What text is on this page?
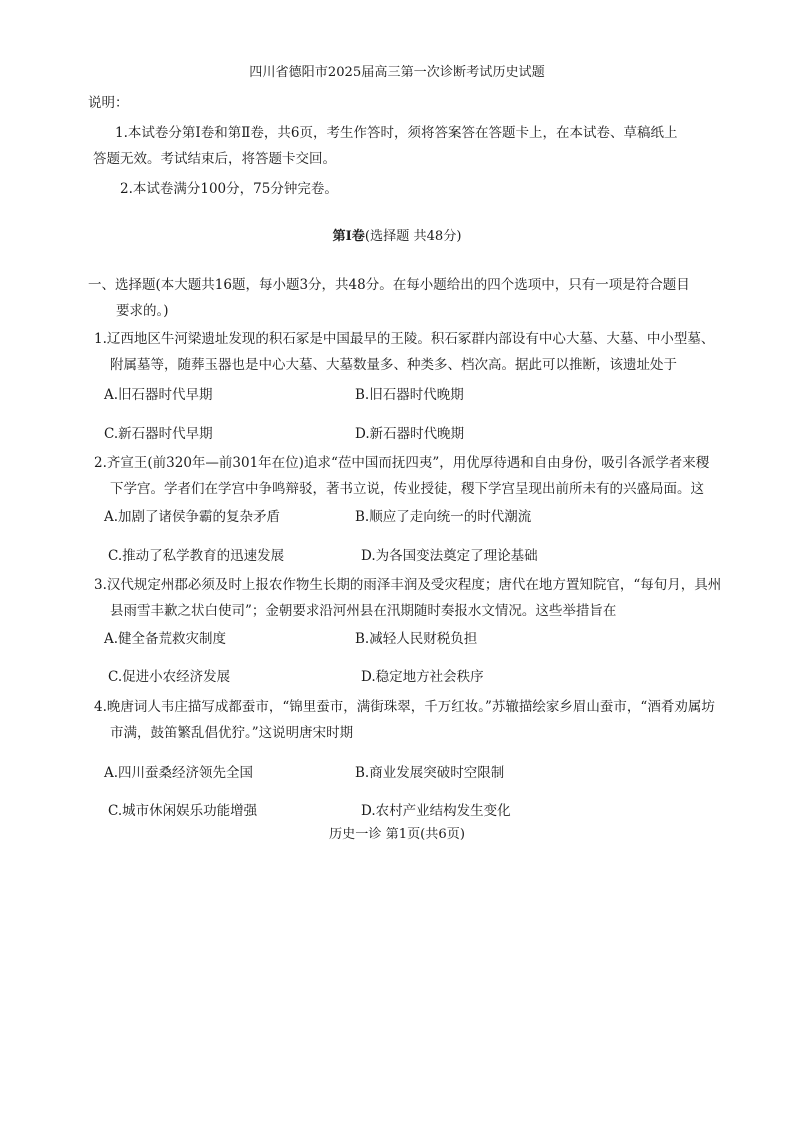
四川省德阳市2025届高三第一次诊断考试历史试题
说明：
1.本试卷分第Ⅰ卷和第Ⅱ卷，共6页，考生作答时，须将答案答在答题卡上，在本试卷、草稿纸上
答题无效。考试结束后，将答题卡交回。
2.本试卷满分100分，75分钟完卷。
第Ⅰ卷(选择题 共48分)
一、选择题(本大题共16题，每小题3分，共48分。在每小题给出的四个选项中，只有一项是符合题目
要求的。)
1.辽西地区牛河梁遗址发现的积石冢是中国最早的王陵。积石冢群内部设有中心大墓、大墓、中小型墓、
附属墓等，随葬玉器也是中心大墓、大墓数量多、种类多、档次高。据此可以推断，该遗址处于
A.旧石器时代早期	B.旧石器时代晚期
C.新石器时代早期	D.新石器时代晚期
2.齐宣王(前320年—前301年在位)追求“莅中国而抚四夷”，用优厚待遇和自由身份，吸引各派学者来稷
下学宫。学者们在学宫中争鸣辩驳，著书立说，传业授徒，稷下学宫呈现出前所未有的兴盛局面。这
A.加剧了诸侯争霸的复杂矛盾	B.顺应了走向统一的时代潮流
C.推动了私学教育的迅速发展	D.为各国变法奠定了理论基础
3.汉代规定州郡必须及时上报农作物生长期的雨泽丰润及受灾程度；唐代在地方置知院官，“每旬月，具州
县雨雪丰歉之状白使司”；金朝要求沿河州县在汛期随时奏报水文情况。这些举措旨在
A.健全备荒救灾制度	B.减轻人民财税负担
C.促进小农经济发展	D.稳定地方社会秩序
4.晚唐词人韦庄描写成都蚕市，“锦里蚕市，满街珠翠，千万红妆。”苏辙描绘家乡眉山蚕市，“酒肴劝属坊
市满，鼓笛繁乱倡优狞。”这说明唐宋时期
A.四川蚕桑经济领先全国	B.商业发展突破时空限制
C.城市休闲娱乐功能增强	D.农村产业结构发生变化
历史一诊 第1页(共6页)
